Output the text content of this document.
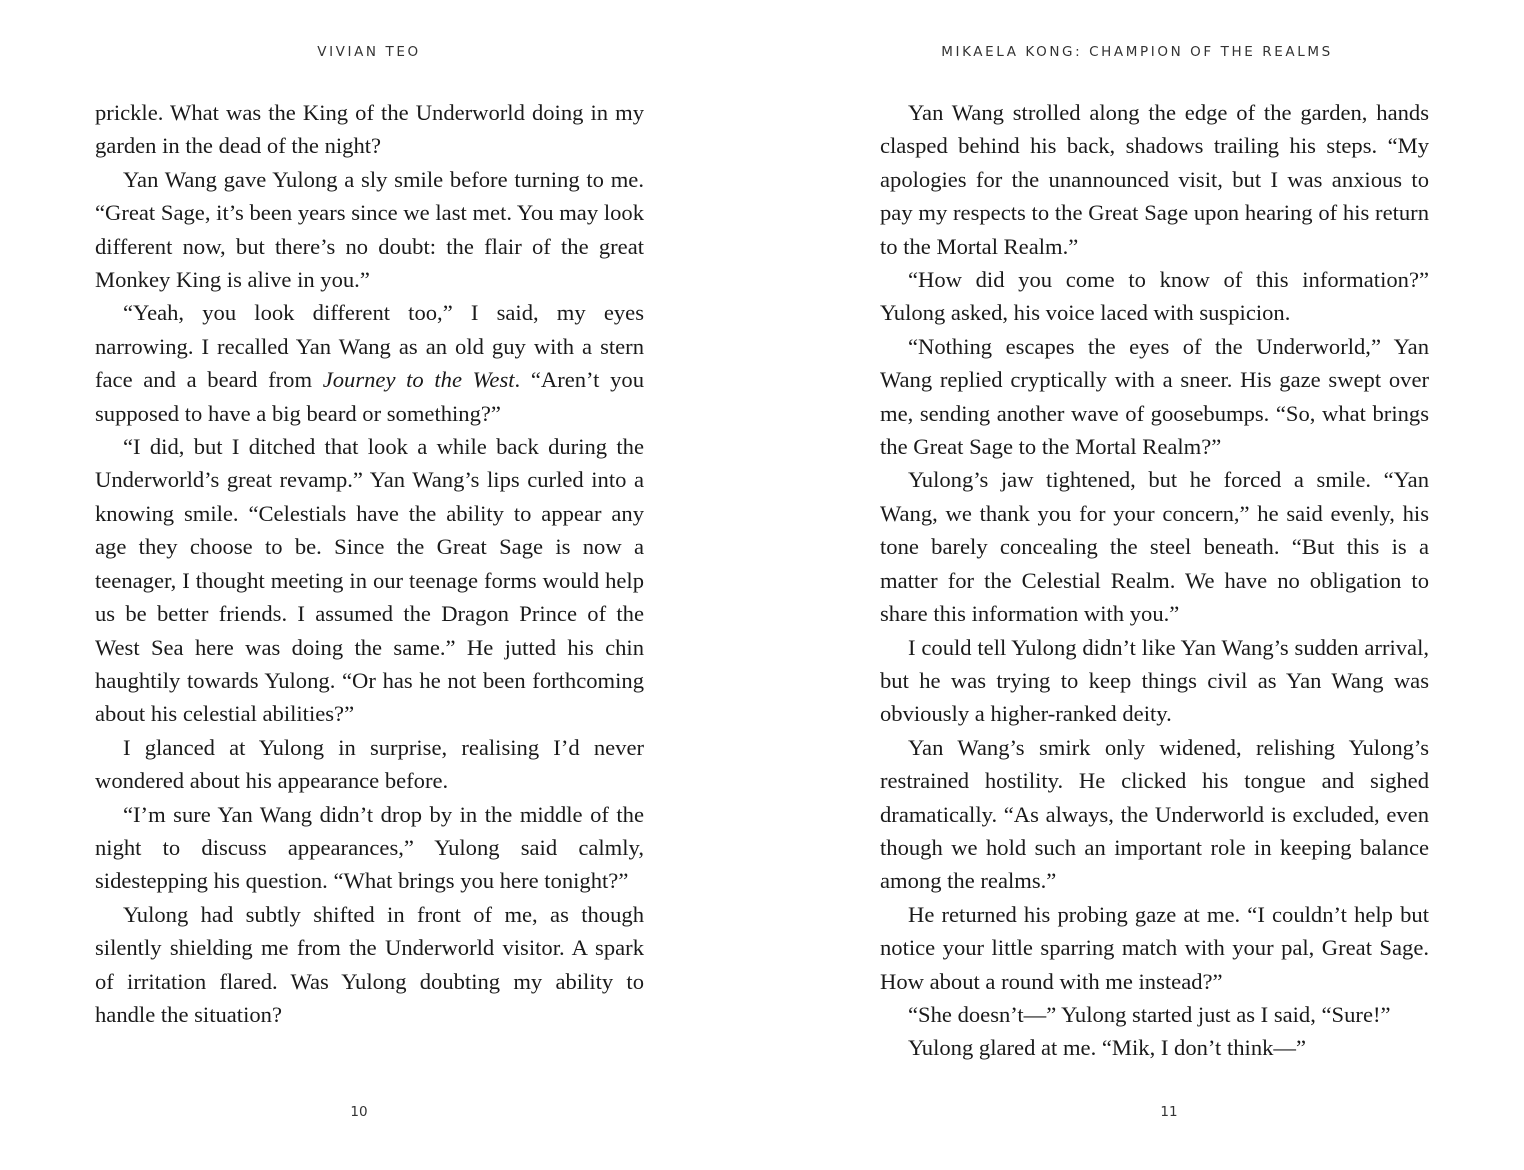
VIVIAN TEO

prickle. What was the King of the Underworld doing in my garden in the dead of the night?

Yan Wang gave Yulong a sly smile before turning to me. “Great Sage, it’s been years since we last met. You may look different now, but there’s no doubt: the flair of the great Monkey King is alive in you.”

“Yeah, you look different too,” I said, my eyes narrowing. I recalled Yan Wang as an old guy with a stern face and a beard from Journey to the West. “Aren’t you supposed to have a big beard or something?”

“I did, but I ditched that look a while back during the Underworld’s great revamp.” Yan Wang’s lips curled into a knowing smile. “Celestials have the ability to appear any age they choose to be. Since the Great Sage is now a teenager, I thought meeting in our teenage forms would help us be better friends. I assumed the Dragon Prince of the West Sea here was doing the same.” He jutted his chin haughtily towards Yulong. “Or has he not been forthcoming about his celestial abilities?”

I glanced at Yulong in surprise, realising I’d never wondered about his appearance before.

“I’m sure Yan Wang didn’t drop by in the middle of the night to discuss appearances,” Yulong said calmly, sidestepping his question. “What brings you here tonight?”

Yulong had subtly shifted in front of me, as though silently shielding me from the Underworld visitor. A spark of irritation flared. Was Yulong doubting my ability to handle the situation?

10
MIKAELA KONG: CHAMPION OF THE REALMS

Yan Wang strolled along the edge of the garden, hands clasped behind his back, shadows trailing his steps. “My apologies for the unannounced visit, but I was anxious to pay my respects to the Great Sage upon hearing of his return to the Mortal Realm.”

“How did you come to know of this information?” Yulong asked, his voice laced with suspicion.

“Nothing escapes the eyes of the Underworld,” Yan Wang replied cryptically with a sneer. His gaze swept over me, sending another wave of goosebumps. “So, what brings the Great Sage to the Mortal Realm?”

Yulong’s jaw tightened, but he forced a smile. “Yan Wang, we thank you for your concern,” he said evenly, his tone barely concealing the steel beneath. “But this is a matter for the Celestial Realm. We have no obligation to share this information with you.”

I could tell Yulong didn’t like Yan Wang’s sudden arrival, but he was trying to keep things civil as Yan Wang was obviously a higher-ranked deity.

Yan Wang’s smirk only widened, relishing Yulong’s restrained hostility. He clicked his tongue and sighed dramatically. “As always, the Underworld is excluded, even though we hold such an important role in keeping balance among the realms.”

He returned his probing gaze at me. “I couldn’t help but notice your little sparring match with your pal, Great Sage. How about a round with me instead?”

“She doesn’t—” Yulong started just as I said, “Sure!”

Yulong glared at me. “Mik, I don’t think—”

11
